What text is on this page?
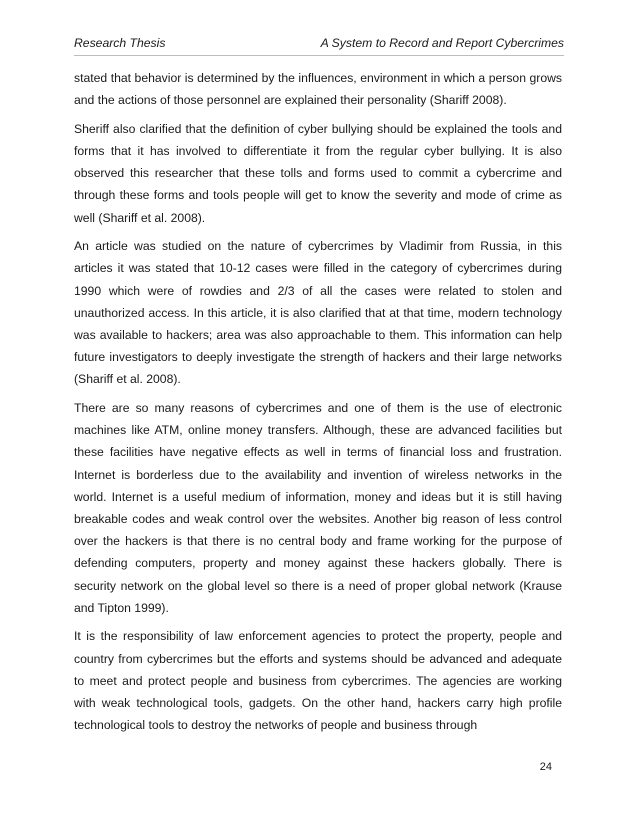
Research Thesis	A System to Record and Report Cybercrimes

stated that behavior is determined by the influences, environment in which a person grows and the actions of those personnel are explained their personality (Shariff 2008).

Sheriff also clarified that the definition of cyber bullying should be explained the tools and forms that it has involved to differentiate it from the regular cyber bullying. It is also observed this researcher that these tolls and forms used to commit a cybercrime and through these forms and tools people will get to know the severity and mode of crime as well (Shariff et al. 2008).

An article was studied on the nature of cybercrimes by Vladimir from Russia, in this articles it was stated that 10-12 cases were filled in the category of cybercrimes during 1990 which were of rowdies and 2/3 of all the cases were related to stolen and unauthorized access. In this article, it is also clarified that at that time, modern technology was available to hackers; area was also approachable to them. This information can help future investigators to deeply investigate the strength of hackers and their large networks (Shariff et al. 2008).

There are so many reasons of cybercrimes and one of them is the use of electronic machines like ATM, online money transfers. Although, these are advanced facilities but these facilities have negative effects as well in terms of financial loss and frustration. Internet is borderless due to the availability and invention of wireless networks in the world. Internet is a useful medium of information, money and ideas but it is still having breakable codes and weak control over the websites. Another big reason of less control over the hackers is that there is no central body and frame working for the purpose of defending computers, property and money against these hackers globally. There is security network on the global level so there is a need of proper global network (Krause and Tipton 1999).

It is the responsibility of law enforcement agencies to protect the property, people and country from cybercrimes but the efforts and systems should be advanced and adequate to meet and protect people and business from cybercrimes. The agencies are working with weak technological tools, gadgets. On the other hand, hackers carry high profile technological tools to destroy the networks of people and business through

24
